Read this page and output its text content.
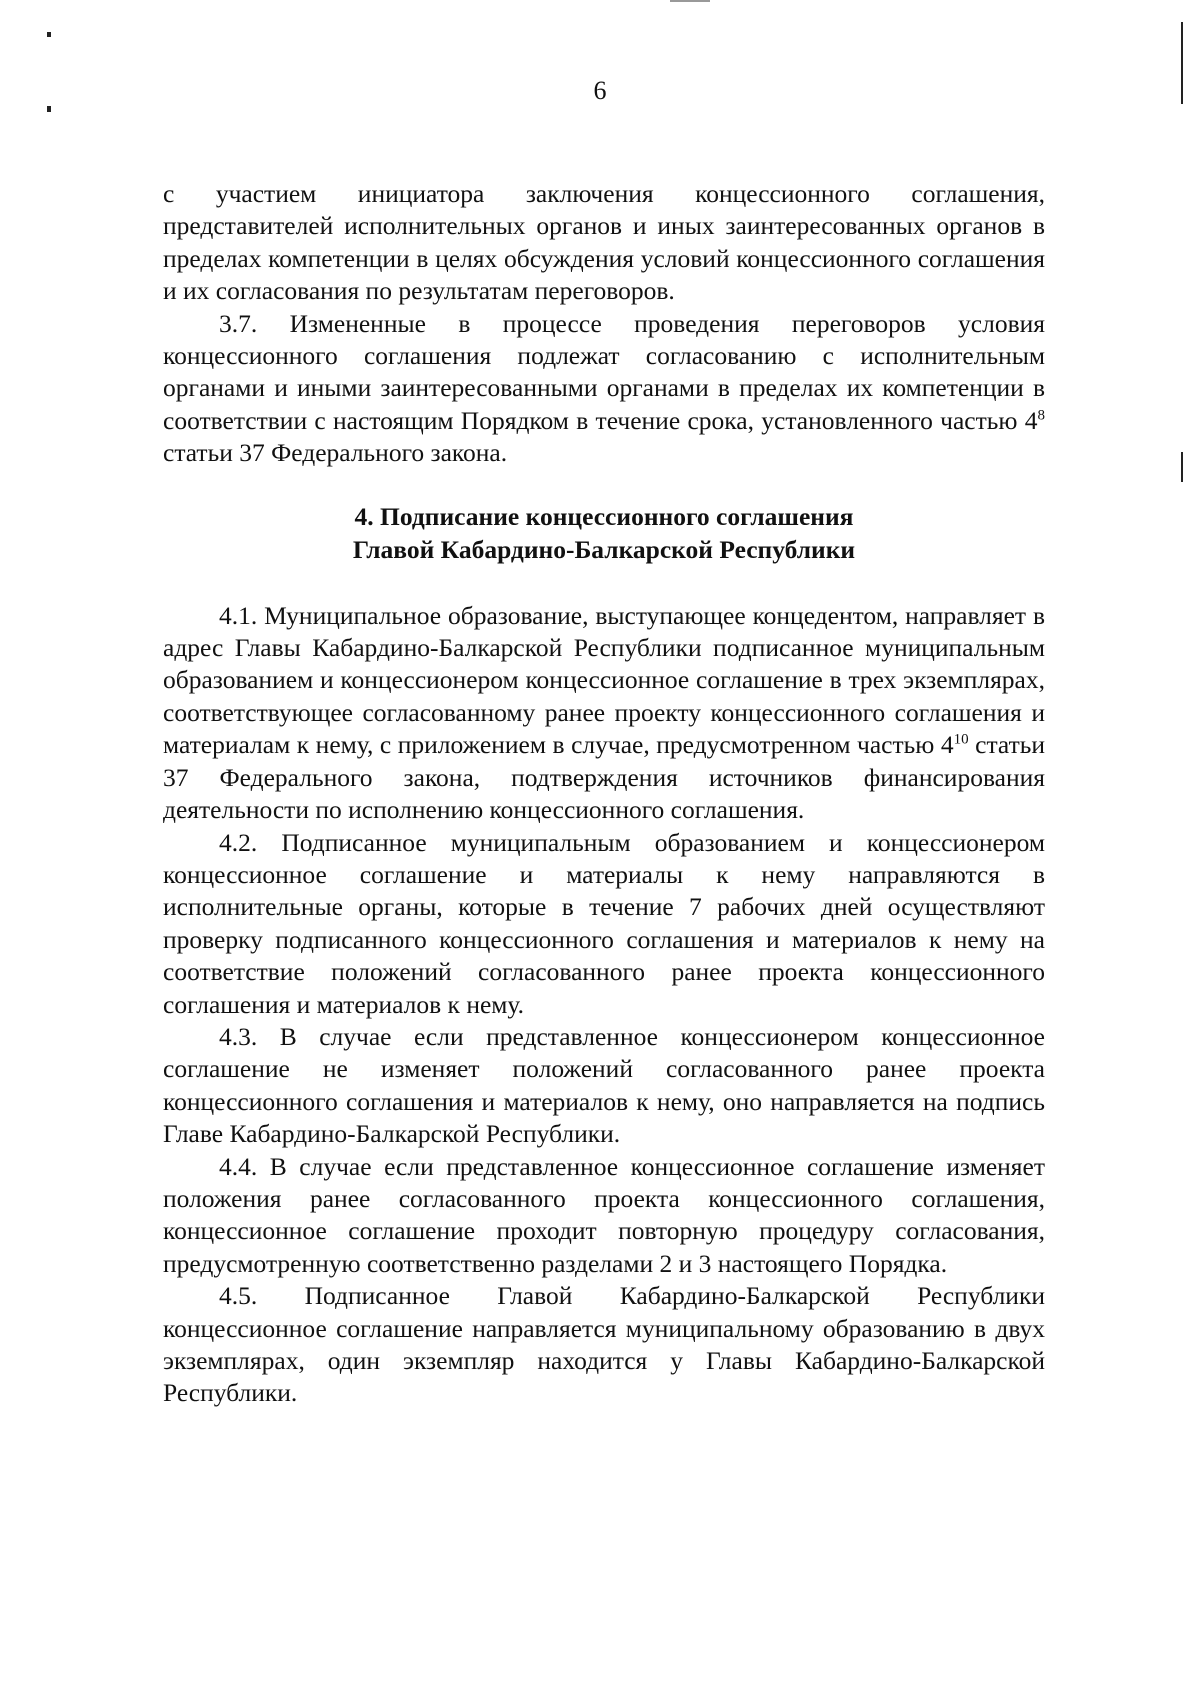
6

с участием инициатора заключения концессионного соглашения, представителей исполнительных органов и иных заинтересованных органов в пределах компетенции в целях обсуждения условий концессионного соглашения и их согласования по результатам переговоров.

3.7. Измененные в процессе проведения переговоров условия концессионного соглашения подлежат согласованию с исполнительным органами и иными заинтересованными органами в пределах их компетенции в соответствии с настоящим Порядком в течение срока, установленного частью $4^8$ статьи 37 Федерального закона.

4. Подписание концессионного соглашения
Главой Кабардино-Балкарской Республики

4.1. Муниципальное образование, выступающее концедентом, направляет в адрес Главы Кабардино-Балкарской Республики подписанное муниципальным образованием и концессионером концессионное соглашение в трех экземплярах, соответствующее согласованному ранее проекту концессионного соглашения и материалам к нему, с приложением в случае, предусмотренном частью $4^{10}$ статьи 37 Федерального закона, подтверждения источников финансирования деятельности по исполнению концессионного соглашения.

4.2. Подписанное муниципальным образованием и концессионером концессионное соглашение и материалы к нему направляются в исполнительные органы, которые в течение 7 рабочих дней осуществляют проверку подписанного концессионного соглашения и материалов к нему на соответствие положений согласованного ранее проекта концессионного соглашения и материалов к нему.

4.3. В случае если представленное концессионером концессионное соглашение не изменяет положений согласованного ранее проекта концессионного соглашения и материалов к нему, оно направляется на подпись Главе Кабардино-Балкарской Республики.

4.4. В случае если представленное концессионное соглашение изменяет положения ранее согласованного проекта концессионного соглашения, концессионное соглашение проходит повторную процедуру согласования, предусмотренную соответственно разделами 2 и 3 настоящего Порядка.

4.5. Подписанное Главой Кабардино-Балкарской Республики концессионное соглашение направляется муниципальному образованию в двух экземплярах, один экземпляр находится у Главы Кабардино-Балкарской Республики.
